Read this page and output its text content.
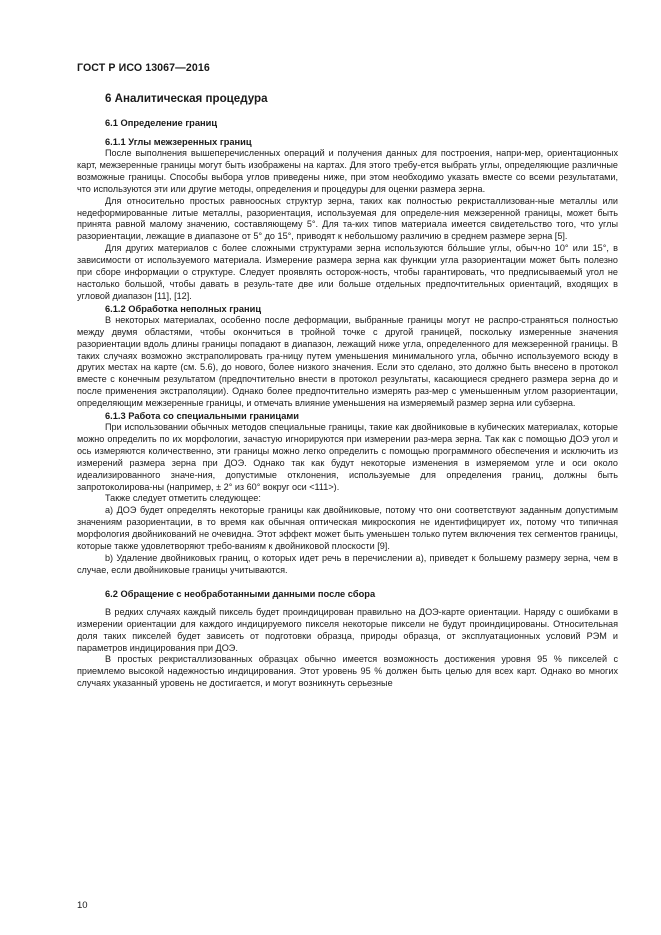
ГОСТ Р ИСО 13067—2016
6 Аналитическая процедура
6.1 Определение границ
6.1.1 Углы межзеренных границ

После выполнения вышеперечисленных операций и получения данных для построения, напри-мер, ориентационных карт, межзеренные границы могут быть изображены на картах. Для этого требу-ется выбрать углы, определяющие различные возможные границы. Способы выбора углов приведены ниже, при этом необходимо указать вместе со всеми результатами, что используются эти или другие методы, определения и процедуры для оценки размера зерна.

Для относительно простых равноосных структур зерна, таких как полностью рекристаллизован-ные металлы или недеформированные литые металлы, разориентация, используемая для определе-ния межзеренной границы, может быть принята равной малому значению, составляющему 5°. Для та-ких типов материала имеется свидетельство того, что углы разориентации, лежащие в диапазоне от 5° до 15°, приводят к небольшому различию в среднем размере зерна [5].

Для других материалов с более сложными структурами зерна используются бо́льшие углы, обыч-но 10° или 15°, в зависимости от используемого материала. Измерение размера зерна как функции угла разориентации может быть полезно при сборе информации о структуре. Следует проявлять осторож-ность, чтобы гарантировать, что предписываемый угол не настолько большой, чтобы давать в резуль-тате две или больше отдельных предпочтительных ориентаций, входящих в угловой диапазон [11], [12].

6.1.2 Обработка неполных границ

В некоторых материалах, особенно после деформации, выбранные границы могут не распро-страняться полностью между двумя областями, чтобы окончиться в тройной точке с другой границей, поскольку измеренные значения разориентации вдоль длины границы попадают в диапазон, лежащий ниже угла, определенного для межзеренной границы. В таких случаях возможно экстраполировать гра-ницу путем уменьшения минимального угла, обычно используемого всюду в других местах на карте (см. 5.6), до нового, более низкого значения. Если это сделано, это должно быть внесено в протокол вместе с конечным результатом (предпочтительно внести в протокол результаты, касающиеся среднего размера зерна до и после применения экстраполяции). Однако более предпочтительно измерять раз-мер с уменьшенным углом разориентации, определяющим межзеренные границы, и отмечать влияние уменьшения на измеряемый размер зерна или субзерна.

6.1.3 Работа со специальными границами

При использовании обычных методов специальные границы, такие как двойниковые в кубических материалах, которые можно определить по их морфологии, зачастую игнорируются при измерении раз-мера зерна. Так как с помощью ДОЭ угол и ось измеряются количественно, эти границы можно легко определить с помощью программного обеспечения и исключить из измерений размера зерна при ДОЭ. Однако так как будут некоторые изменения в измеряемом угле и оси около идеализированного значе-ния, допустимые отклонения, используемые для определения границ, должны быть запротоколирова-ны (например, ± 2° из 60° вокруг оси <111>).

Также следует отметить следующее:

a) ДОЭ будет определять некоторые границы как двойниковые, потому что они соответствуют заданным допустимым значениям разориентации, в то время как обычная оптическая микроскопия не идентифицирует их, потому что типичная морфология двойникований не очевидна. Этот эффект может быть уменьшен только путем включения тех сегментов границы, которые также удовлетворяют требо-ваниям к двойниковой плоскости [9].

b) Удаление двойниковых границ, о которых идет речь в перечислении a), приведет к большему размеру зерна, чем в случае, если двойниковые границы учитываются.

6.2 Обращение с необработанными данными после сбора

В редких случаях каждый пиксель будет проиндицирован правильно на ДОЭ-карте ориентации. Наряду с ошибками в измерении ориентации для каждого индицируемого пикселя некоторые пиксели не будут проиндицированы. Относительная доля таких пикселей будет зависеть от подготовки образца, природы образца, от эксплуатационных условий РЭМ и параметров индицирования при ДОЭ.

В простых рекристаллизованных образцах обычно имеется возможность достижения уровня 95 % пикселей с приемлемо высокой надежностью индицирования. Этот уровень 95 % должен быть целью для всех карт. Однако во многих случаях указанный уровень не достигается, и могут возникнуть серьезные

10
